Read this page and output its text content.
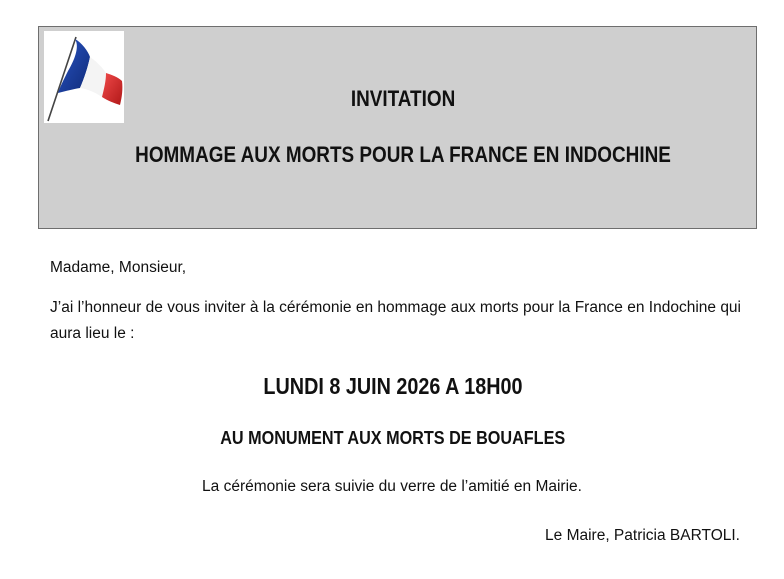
INVITATION
HOMMAGE AUX MORTS POUR LA FRANCE EN INDOCHINE
Madame, Monsieur,
J’ai l’honneur de vous inviter à la cérémonie en hommage aux morts pour la France en Indochine qui aura lieu le :
LUNDI 8 JUIN 2026 A 18H00
AU MONUMENT AUX MORTS DE BOUAFLES
La cérémonie sera suivie du verre de l’amitié en Mairie.
Le Maire, Patricia BARTOLI.
